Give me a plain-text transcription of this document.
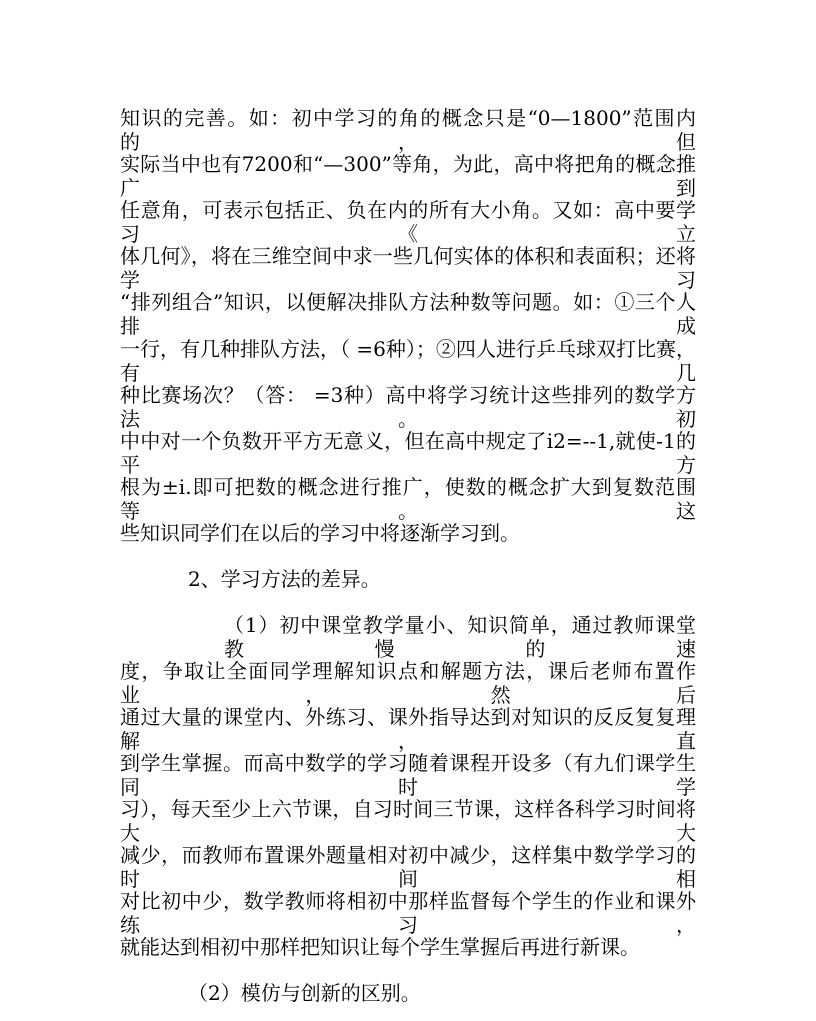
知识的完善。如：初中学习的角的概念只是“0—1800”范围内的，但
实际当中也有7200和“—300”等角，为此，高中将把角的概念推广到
任意角，可表示包括正、负在内的所有大小角。又如：高中要学习《立
体几何》，将在三维空间中求一些几何实体的体积和表面积；还将学习
“排列组合”知识，以便解决排队方法种数等问题。如：①三个人排成
一行，有几种排队方法，（ =6种）；②四人进行乒乓球双打比赛，有几
种比赛场次？（答： =3种）高中将学习统计这些排列的数学方法。初
中中对一个负数开平方无意义，但在高中规定了i2=--1,就使-1的平方
根为±i.即可把数的概念进行推广，使数的概念扩大到复数范围等。这
些知识同学们在以后的学习中将逐渐学习到。
2、学习方法的差异。
（1）初中课堂教学量小、知识简单，通过教师课堂教慢的速
度，争取让全面同学理解知识点和解题方法，课后老师布置作业，然后
通过大量的课堂内、外练习、课外指导达到对知识的反反复复理解，直
到学生掌握。而高中数学的学习随着课程开设多（有九们课学生同时学
习），每天至少上六节课，自习时间三节课，这样各科学习时间将大大
减少，而教师布置课外题量相对初中减少，这样集中数学学习的时间相
对比初中少，数学教师将相初中那样监督每个学生的作业和课外练习，
就能达到相初中那样把知识让每个学生掌握后再进行新课。
（2）模仿与创新的区别。
